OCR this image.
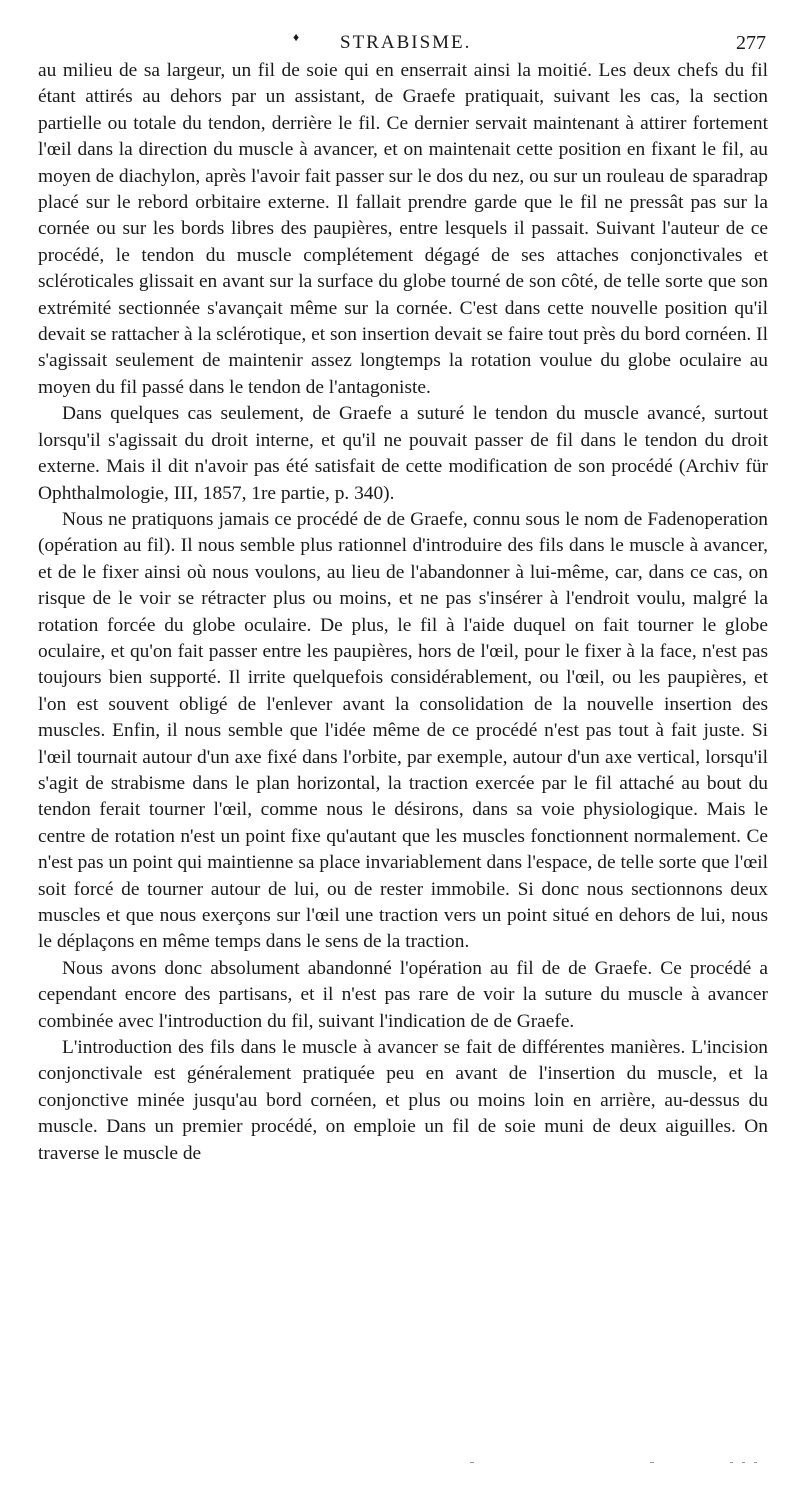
♦ STRABISME.	277

au milieu de sa largeur, un fil de soie qui en enserrait ainsi la moitié. Les deux chefs du fil étant attirés au dehors par un assistant, de Graefe pratiquait, suivant les cas, la section partielle ou totale du tendon, derrière le fil. Ce dernier servait maintenant à attirer fortement l'œil dans la direction du muscle à avancer, et on maintenait cette position en fixant le fil, au moyen de diachylon, après l'avoir fait passer sur le dos du nez, ou sur un rouleau de sparadrap placé sur le rebord orbitaire externe. Il fallait prendre garde que le fil ne pressât pas sur la cornée ou sur les bords libres des paupières, entre lesquels il passait. Suivant l'auteur de ce procédé, le tendon du muscle complétement dégagé de ses attaches conjonctivales et scléroticales glissait en avant sur la surface du globe tourné de son côté, de telle sorte que son extrémité sectionnée s'avançait même sur la cornée. C'est dans cette nouvelle position qu'il devait se rattacher à la sclérotique, et son insertion devait se faire tout près du bord cornéen. Il s'agissait seulement de maintenir assez longtemps la rotation voulue du globe oculaire au moyen du fil passé dans le tendon de l'antagoniste.

Dans quelques cas seulement, de Graefe a suturé le tendon du muscle avancé, surtout lorsqu'il s'agissait du droit interne, et qu'il ne pouvait passer de fil dans le tendon du droit externe. Mais il dit n'avoir pas été satisfait de cette modification de son procédé (Archiv für Ophthalmologie, III, 1857, 1re partie, p. 340).

Nous ne pratiquons jamais ce procédé de de Graefe, connu sous le nom de Fadenoperation (opération au fil). Il nous semble plus rationnel d'introduire des fils dans le muscle à avancer, et de le fixer ainsi où nous voulons, au lieu de l'abandonner à lui-même, car, dans ce cas, on risque de le voir se rétracter plus ou moins, et ne pas s'insérer à l'endroit voulu, malgré la rotation forcée du globe oculaire. De plus, le fil à l'aide duquel on fait tourner le globe oculaire, et qu'on fait passer entre les paupières, hors de l'œil, pour le fixer à la face, n'est pas toujours bien supporté. Il irrite quelquefois considérablement, ou l'œil, ou les paupières, et l'on est souvent obligé de l'enlever avant la consolidation de la nouvelle insertion des muscles. Enfin, il nous semble que l'idée même de ce procédé n'est pas tout à fait juste. Si l'œil tournait autour d'un axe fixé dans l'orbite, par exemple, autour d'un axe vertical, lorsqu'il s'agit de strabisme dans le plan horizontal, la traction exercée par le fil attaché au bout du tendon ferait tourner l'œil, comme nous le désirons, dans sa voie physiologique. Mais le centre de rotation n'est un point fixe qu'autant que les muscles fonctionnent normalement. Ce n'est pas un point qui maintienne sa place invariablement dans l'espace, de telle sorte que l'œil soit forcé de tourner autour de lui, ou de rester immobile. Si donc nous sectionnons deux muscles et que nous exerçons sur l'œil une traction vers un point situé en dehors de lui, nous le déplaçons en même temps dans le sens de la traction.

Nous avons donc absolument abandonné l'opération au fil de de Graefe. Ce procédé a cependant encore des partisans, et il n'est pas rare de voir la suture du muscle à avancer combinée avec l'introduction du fil, suivant l'indication de de Graefe.

L'introduction des fils dans le muscle à avancer se fait de différentes manières. L'incision conjonctivale est généralement pratiquée peu en avant de l'insertion du muscle, et la conjonctive minée jusqu'au bord cornéen, et plus ou moins loin en arrière, au-dessus du muscle. Dans un premier procédé, on emploie un fil de soie muni de deux aiguilles. On traverse le muscle de
